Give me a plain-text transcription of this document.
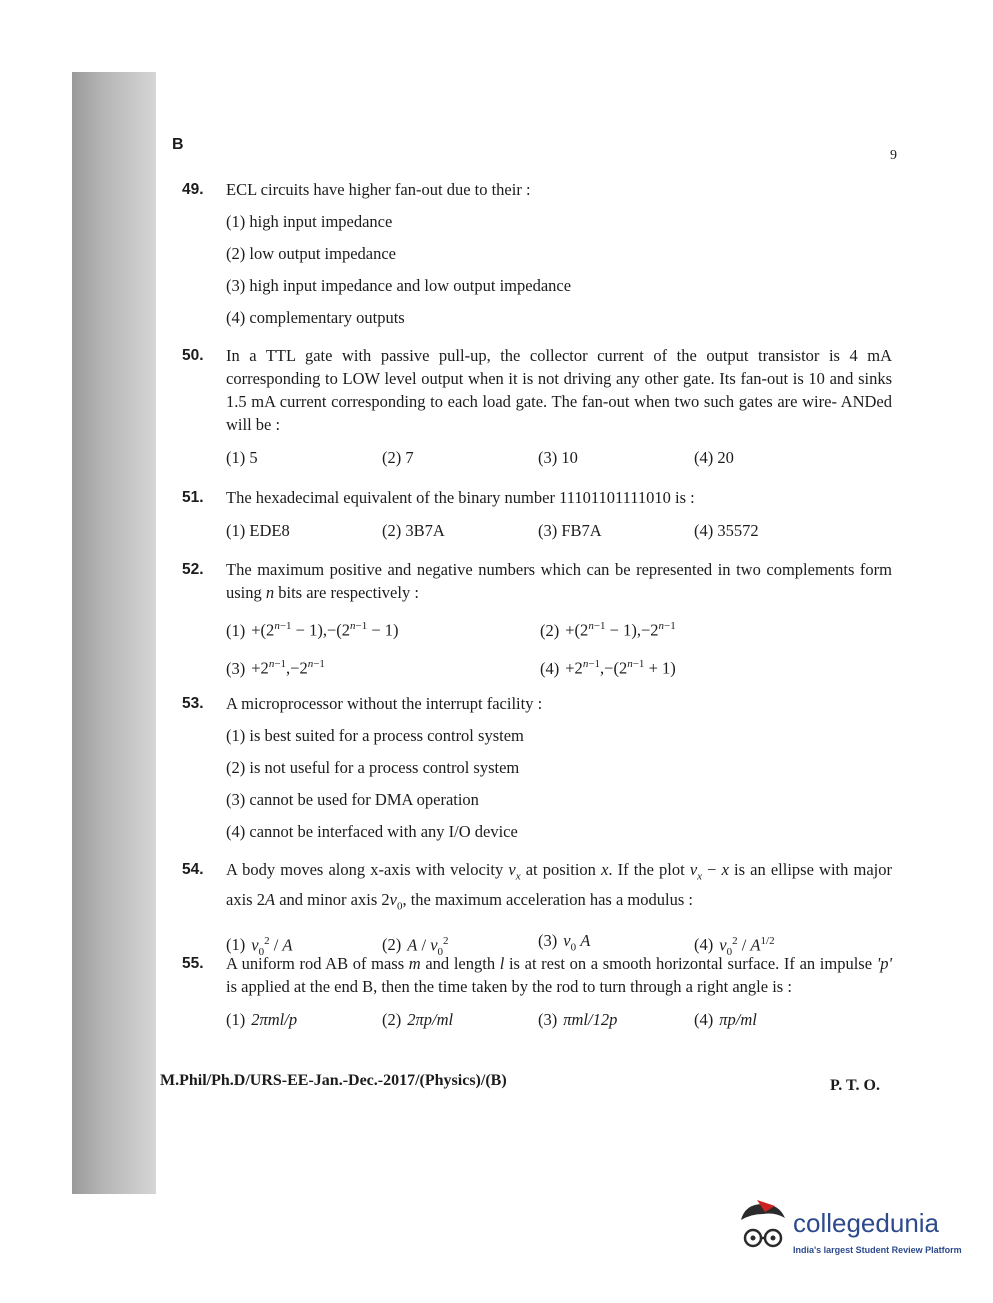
B
9
49.	ECL circuits have higher fan-out due to their :
(1) high input impedance
(2) low output impedance
(3) high input impedance and low output impedance
(4) complementary outputs
50.	In a TTL gate with passive pull-up, the collector current of the output transistor is 4 mA corresponding to LOW level output when it is not driving any other gate. Its fan-out is 10 and sinks 1.5 mA current corresponding to each load gate. The fan-out when two such gates are wire- ANDed will be :
(1) 5	(2) 7	(3) 10	(4) 20
51.	The hexadecimal equivalent of the binary number 11101101111010 is :
(1) EDE8	(2) 3B7A	(3) FB7A	(4) 35572
52.	The maximum positive and negative numbers which can be represented in two complements form using n bits are respectively :
$(1) +(2^{n-1} - 1),-(2^{n-1} - 1)$	$(2) +(2^{n-1} - 1),-2^{n-1}$
$(3) +2^{n-1},-2^{n-1}$	$(4) +2^{n-1},-(2^{n-1} + 1)$
53.	A microprocessor without the interrupt facility :
(1) is best suited for a process control system
(2) is not useful for a process control system
(3) cannot be used for DMA operation
(4) cannot be interfaced with any I/O device
54.	A body moves along x-axis with velocity $v_x$ at position x. If the plot $v_x - x$ is an ellipse with major axis 2A and minor axis $2v_0$, the maximum acceleration has a modulus :
(1) $v_0^2$ / A	(2) A / $v_0^2$	(3) $v_0$ A	(4) $v_0^2 / A^{1/2}$
55.	A uniform rod AB of mass m and length l is at rest on a smooth horizontal surface. If an impulse 'p' is applied at the end B, then the time taken by the rod to turn through a right angle is :
(1) 2πml/p	(2) 2πp/ml	(3) πml/12p	(4) πp/ml
M.Phil/Ph.D/URS-EE-Jan.-Dec.-2017/(Physics)/(B)	P. T. O.
collegedunia
India's largest Student Review Platform
